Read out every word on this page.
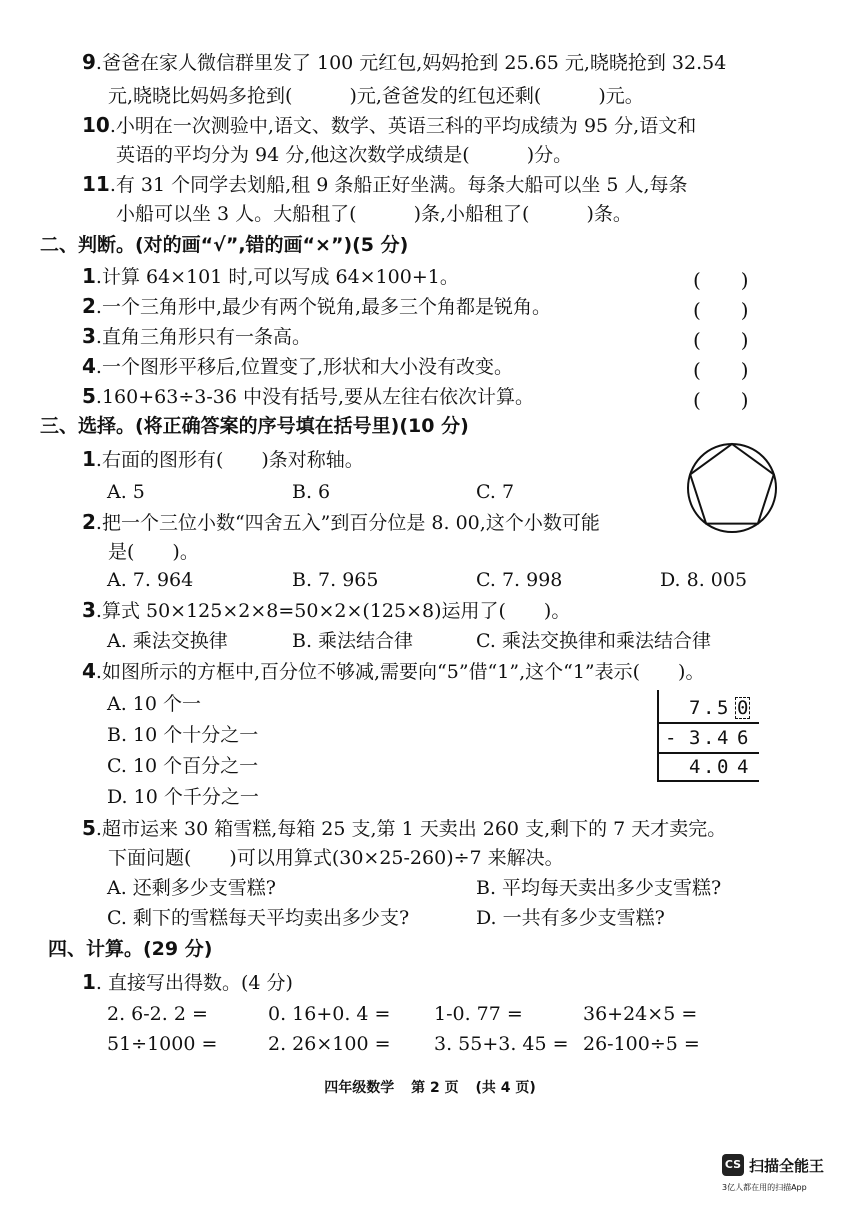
9.爸爸在家人微信群里发了 100 元红包,妈妈抢到 25.65 元,晓晓抢到 32.54
元,晓晓比妈妈多抢到(　　　)元,爸爸发的红包还剩(　　　)元。
10.小明在一次测验中,语文、数学、英语三科的平均成绩为 95 分,语文和
英语的平均分为 94 分,他这次数学成绩是(　　　)分。
11.有 31 个同学去划船,租 9 条船正好坐满。每条大船可以坐 5 人,每条
小船可以坐 3 人。大船租了(　　　)条,小船租了(　　　)条。
二、判断。(对的画“√”,错的画“×”)(5 分)
1.计算 64×101 时,可以写成 64×100+1。	(　　)
2.一个三角形中,最少有两个锐角,最多三个角都是锐角。	(　　)
3.直角三角形只有一条高。	(　　)
4.一个图形平移后,位置变了,形状和大小没有改变。	(　　)
5.160+63÷3-36 中没有括号,要从左往右依次计算。	(　　)
三、选择。(将正确答案的序号填在括号里)(10 分)
1.右面的图形有(　　)条对称轴。
A. 5	B. 6	C. 7
2.把一个三位小数“四舍五入”到百分位是 8. 00,这个小数可能
是(　　)。
A. 7. 964	B. 7. 965	C. 7. 998	D. 8. 005
3.算式 50×125×2×8=50×2×(125×8)运用了(　　)。
A. 乘法交换律	B. 乘法结合律	C. 乘法交换律和乘法结合律
4.如图所示的方框中,百分位不够减,需要向“5”借“1”,这个“1”表示(　　)。
A. 10 个一
B. 10 个十分之一
C. 10 个百分之一
D. 10 个千分之一
7 . 5 0
- 3 . 4 6
4 . 0 4
5.超市运来 30 箱雪糕,每箱 25 支,第 1 天卖出 260 支,剩下的 7 天才卖完。
下面问题(　　)可以用算式(30×25-260)÷7 来解决。
A. 还剩多少支雪糕?	B. 平均每天卖出多少支雪糕?
C. 剩下的雪糕每天平均卖出多少支?	D. 一共有多少支雪糕?
四、计算。(29 分)
1. 直接写出得数。(4 分)
2. 6-2. 2 =	0. 16+0. 4 = 1-0. 77 =	36+24×5 =
51÷1000 =	2. 26×100 = 3. 55+3. 45 = 26-100÷5 =
四年级数学 第 2 页 (共 4 页)
CS 扫描全能王
3亿人都在用的扫描App
